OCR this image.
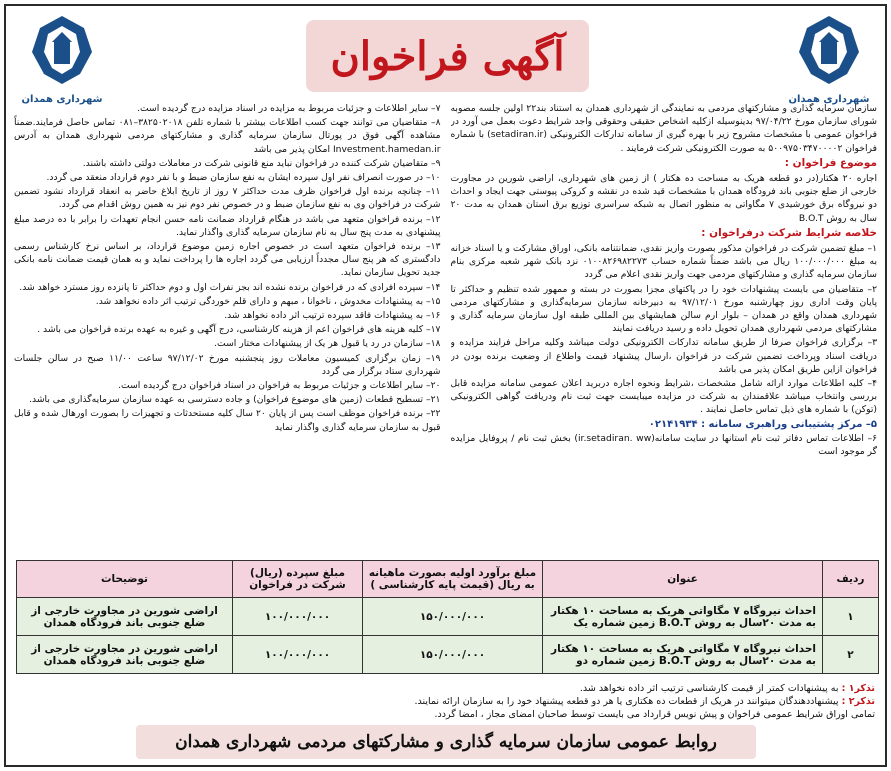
شهرداری همدان
آگهی فراخوان
شهرداری همدان

سازمان سرمایه گذاری و مشارکتهای مردمی به نمایندگی از شهرداری همدان به استناد بند۲۲ اولین جلسه مصوبه شورای سازمان مورخ ۹۷/۰۴/۲۲ بدینوسیله ازکلیه اشخاص حقیقی وحقوقی واجد شرایط دعوت بعمل می آورد در فراخوان عمومی با مشخصات مشروح زیر با بهره گیری از سامانه تدارکات الکترونیکی (setadiran.ir) با شماره فراخوان ۵۰۰۹۷۵۰۳۴۷۰۰۰۰۲ به صورت الکترونیکی شرکت فرمایند .

موضوع فراخوان :

اجاره ۲۰ هکتار(در دو قطعه هریک به مساحت ده هکتار ) از زمین های شهرداری، اراضی شورین در مجاورت خارجی از ضلع جنوبی باند فرودگاه همدان با مشخصات قید شده در نقشه و کروکی پیوستی جهت ایجاد و احداث دو نیروگاه برق خورشیدی ۷ مگاواتی به منظور اتصال به شبکه سراسری توزیع برق استان همدان به مدت ۲۰ سال به روش B.O.T

خلاصه شرایط شرکت درفراخوان :

۱– مبلغ تضمین شرکت در فراخوان مذکور بصورت واریز نقدی، ضمانتنامه بانکی، اوراق مشارکت و یا اسناد خزانه به مبلغ ۱۰۰/۰۰۰/۰۰۰ ریال می باشد ضمناً شماره حساب ۰۱۰۰۸۲۶۹۸۲۲۷۳ نزد بانک شهر شعبه مرکزی بنام سازمان سرمایه گذاری و مشارکتهای مردمی جهت واریز نقدی اعلام می گردد

۲– متقاضیان می بایست پیشنهادات خود را در پاکتهای مجزا بصورت در بسته و ممهور شده تنظیم و حداکثر تا پایان وقت اداری روز چهارشنبه مورخ ۹۷/۱۲/۰۱ به دبیرخانه سازمان سرمایه‌گذاری و مشارکتهای مردمی شهرداری همدان واقع در همدان – بلوار ارم سالن همایشهای بین المللی طبقه اول سازمان سرمایه گذاری و مشارکتهای مردمی شهرداری همدان تحویل داده و رسید دریافت نمایند

۳– برگزاری فراخوان صرفا از طریق سامانه تدارکات الکترونیکی دولت میباشد وکلیه مراحل فرایند مزایده و دریافت اسناد وپرداخت تضمین شرکت در فراخوان ،ارسال پیشنهاد قیمت واطلاع از وضعیت برنده بودن در فراخوان ازاین طریق امکان پذیر می باشد

۴– کلیه اطلاعات موارد ارائه شامل مشخصات ،شرایط ونحوه اجاره دربرید اعلان عمومی سامانه مزایده قابل بررسی وانتخاب میباشد علاقمندان به شرکت در مزایده میبایست جهت ثبت نام ودریافت گواهی الکترونیکی (توکن) با شماره های ذیل تماس حاصل نمایند .

۵– مرکز پشتیبانی وراهبری سامانه : ۰۲۱۴۱۹۳۴

۶– اطلاعات تماس دفاتر ثبت نام استانها در سایت سامانه(ir.setadiran. ww) بخش ثبت نام / پروفایل مزایده گر موجود است

۷– سایر اطلاعات و جزئیات مربوط به مزایده در اسناد مزایده درج گردیده است.

۸– متقاضیان می توانند جهت کسب اطلاعات بیشتر با شماره تلفن ۳۸۲۵۰۲۰۱۸–۰۸۱ تماس حاصل فرمایند.ضمناً مشاهده آگهی فوق در پورتال سازمان سرمایه گذاری و مشارکتهای مردمی شهرداری همدان به آدرس Investment.hamedan.ir امکان پذیر می باشد

۹– متقاضیان شرکت کننده در فراخوان نباید منع قانونی شرکت در معاملات دولتی داشته باشند.

۱۰– در صورت انصراف نفر اول سپرده ایشان به نفع سازمان ضبط و با نفر دوم قرارداد منعقد می گردد.

۱۱– چنانچه برنده اول فراخوان ظرف مدت حداکثر ۷ روز از تاریخ ابلاغ حاضر به انعقاد قرارداد نشود تضمین شرکت در فراخوان وی به نفع سازمان ضبط و در خصوص نفر دوم نیز به همین روش اقدام می گردد.

۱۲– برنده فراخوان متعهد می باشد در هنگام قرارداد ضمانت نامه حسن انجام تعهدات را برابر با ده درصد مبلغ پیشنهادی به مدت پنج سال به نام سازمان سرمایه گذاری واگذار نماید.

۱۳– برنده فراخوان متعهد است در خصوص اجاره زمین موضوع قرارداد، بر اساس نرخ کارشناس رسمی دادگستری که هر پنج سال مجدداً ارزیابی می گردد اجاره ها را پرداخت نماید و به همان قیمت ضمانت نامه بانکی جدید تحویل سازمان نماید.

۱۴– سپرده افرادی که در فراخوان برنده نشده اند بجز نفرات اول و دوم حداکثر تا پانزده روز مسترد خواهد شد.

۱۵– به پیشنهادات مخدوش ، ناخوانا ، مبهم و دارای قلم خوردگی ترتیب اثر داده نخواهد شد.

۱۶– به پیشنهادات فاقد سپرده ترتیب اثر داده نخواهد شد.

۱۷– کلیه هزینه های فراخوان اعم از هزینه کارشناسی، درج آگهی و غیره به عهده برنده فراخوان می باشد .

۱۸– سازمان در رد یا قبول هر یک از پیشنهادات مختار است.

۱۹– زمان برگزاری کمیسیون معاملات روز پنجشنبه مورخ ۹۷/۱۲/۰۲ ساعت ۱۱/۰۰ صبح در سالن جلسات شهرداری ستاد برگزار می گردد

۲۰– سایر اطلاعات و جزئیات مربوط به فراخوان در اسناد فراخوان درج گردیده است.

۲۱– تسطیح قطعات (زمین های موضوع فراخوان) و جاده دسترسی به عهده سازمان سرمایه‌گذاری می باشد.

۲۲– برنده فراخوان موظف است پس از پایان ۲۰ سال کلیه مستحدثات و تجهیزات را بصورت اورهال شده و قابل قبول به سازمان سرمایه گذاری واگذار نماید

ردیف	عنوان	مبلغ برآورد اولیه بصورت ماهیانه به ریال (قیمت پایه کارشناسی )	مبلغ سپرده (ریال) شرکت در فراخوان	توضیحات
۱	احداث نیروگاه ۷ مگاواتی هریک به مساحت ۱۰ هکتار به مدت ۲۰سال به روش B.O.T زمین شماره یک	۱۵۰/۰۰۰/۰۰۰	۱۰۰/۰۰۰/۰۰۰	اراضی شورین در مجاورت خارجی از ضلع جنوبی باند فرودگاه همدان
۲	احداث نیروگاه ۷ مگاواتی هریک به مساحت ۱۰ هکتار به مدت ۲۰سال به روش B.O.T زمین شماره دو	۱۵۰/۰۰۰/۰۰۰	۱۰۰/۰۰۰/۰۰۰	اراضی شورین در مجاورت خارجی از ضلع جنوبی باند فرودگاه همدان
تذکر۱ : به پیشنهادات کمتر از قیمت کارشناسی ترتیب اثر داده نخواهد شد.
تذکر۲ : پیشنهاددهندگان میتوانند در هریک از قطعات ده هکتاری یا هر دو قطعه پیشنهاد خود را به سازمان ارائه نمایند.
تمامی اوراق شرایط عمومی فراخوان و پیش نویس قرارداد می بایست توسط صاحبان امضای مجاز ، امضا گردد.
روابط عمومی سازمان سرمایه گذاری و مشارکتهای مردمی شهرداری همدان
